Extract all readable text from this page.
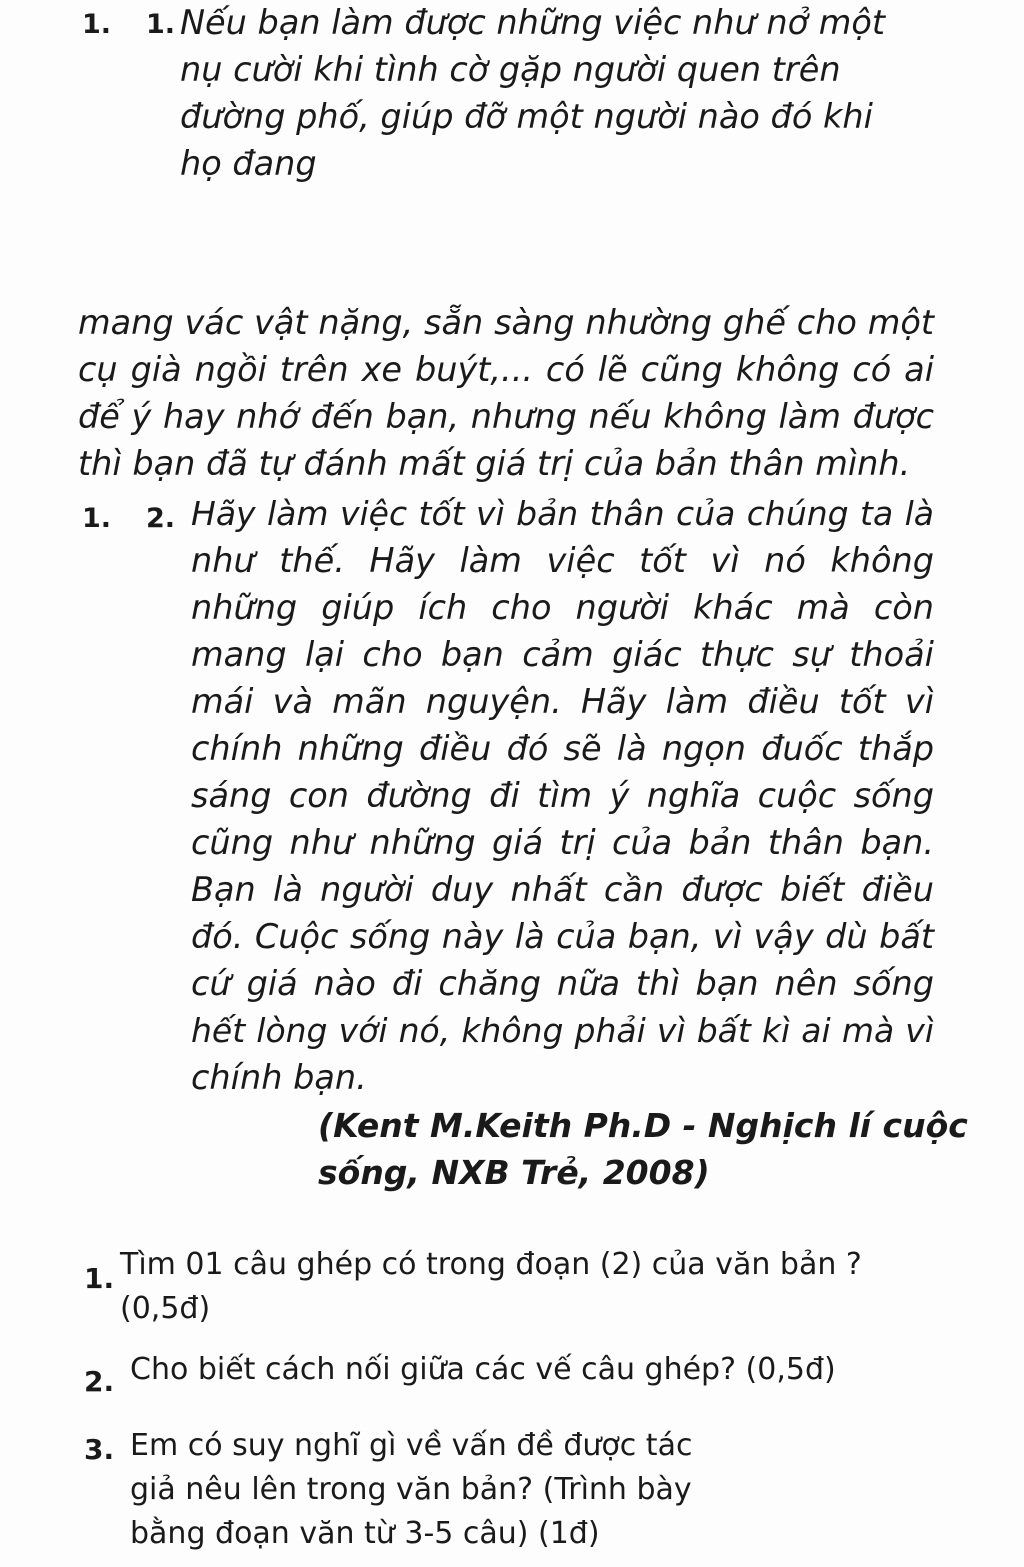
1. 1. Nếu bạn làm được những việc như nở một
nụ cười khi tình cờ gặp người quen trên
đường phố, giúp đỡ một người nào đó khi
họ đang
mang vác vật nặng, sẵn sàng nhường ghế cho một
cụ già ngồi trên xe buýt,... có lẽ cũng không có ai
để ý hay nhớ đến bạn, nhưng nếu không làm được
thì bạn đã tự đánh mất giá trị của bản thân mình.
1. 2. Hãy làm việc tốt vì bản thân của chúng ta là
như thế. Hãy làm việc tốt vì nó không
những giúp ích cho người khác mà còn
mang lại cho bạn cảm giác thực sự thoải
mái và mãn nguyện. Hãy làm điều tốt vì
chính những điều đó sẽ là ngọn đuốc thắp
sáng con đường đi tìm ý nghĩa cuộc sống
cũng như những giá trị của bản thân bạn.
Bạn là người duy nhất cần được biết điều
đó. Cuộc sống này là của bạn, vì vậy dù bất
cứ giá nào đi chăng nữa thì bạn nên sống
hết lòng với nó, không phải vì bất kì ai mà vì
chính bạn.
(Kent M.Keith Ph.D - Nghịch lí cuộc
sống, NXB Trẻ, 2008)
1. Tìm 01 câu ghép có trong đoạn (2) của văn bản ?
(0,5đ)
2. Cho biết cách nối giữa các vế câu ghép? (0,5đ)
3. Em có suy nghĩ gì về vấn đề được tác
giả nêu lên trong văn bản? (Trình bày
bằng đoạn văn từ 3-5 câu) (1đ)
